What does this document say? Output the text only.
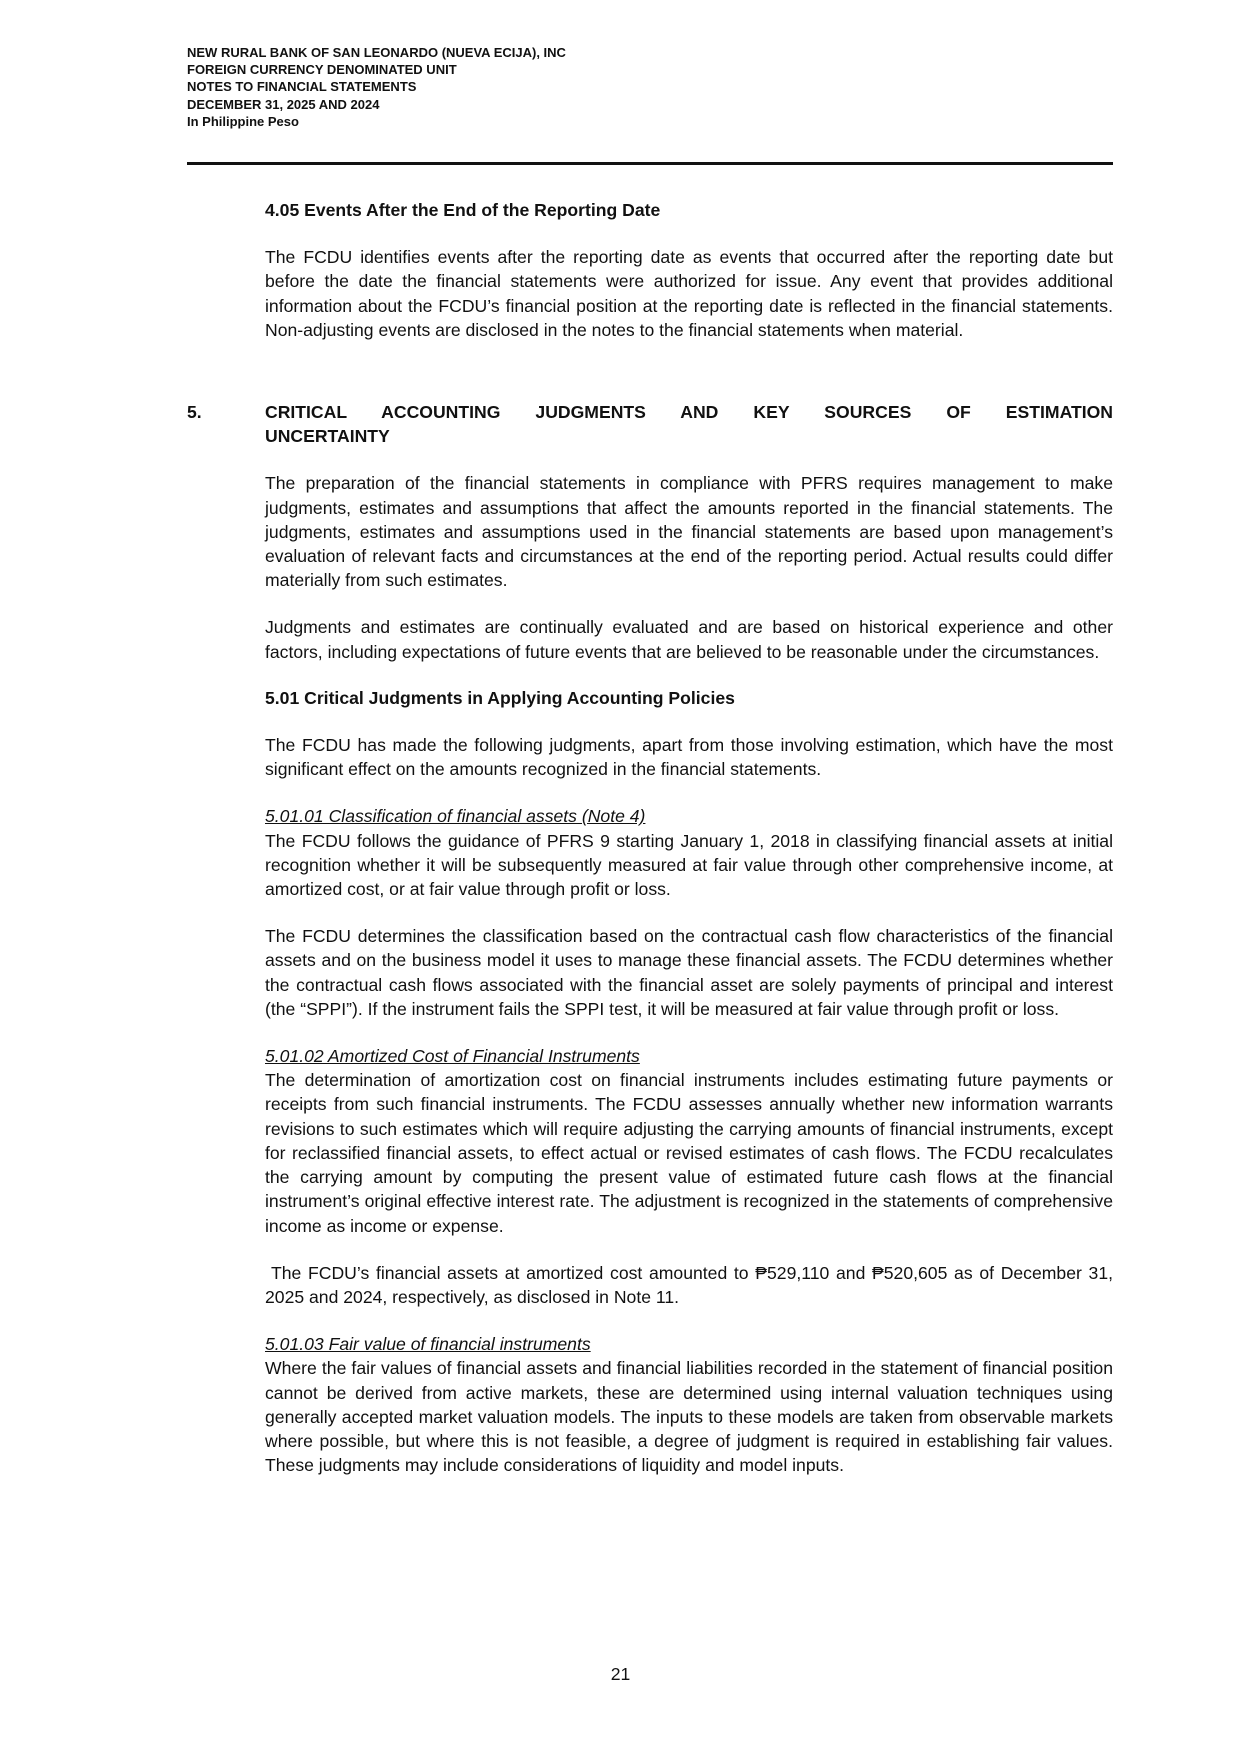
NEW RURAL BANK OF SAN LEONARDO (NUEVA ECIJA), INC
FOREIGN CURRENCY DENOMINATED UNIT
NOTES TO FINANCIAL STATEMENTS
DECEMBER 31, 2025 AND 2024
In Philippine Peso

4.05 Events After the End of the Reporting Date

The FCDU identifies events after the reporting date as events that occurred after the reporting date but before the date the financial statements were authorized for issue. Any event that provides additional information about the FCDU’s financial position at the reporting date is reflected in the financial statements. Non-adjusting events are disclosed in the notes to the financial statements when material.

5.	CRITICAL ACCOUNTING JUDGMENTS AND KEY SOURCES OF ESTIMATION
UNCERTAINTY

The preparation of the financial statements in compliance with PFRS requires management to make judgments, estimates and assumptions that affect the amounts reported in the financial statements. The judgments, estimates and assumptions used in the financial statements are based upon management’s evaluation of relevant facts and circumstances at the end of the reporting period. Actual results could differ materially from such estimates.

Judgments and estimates are continually evaluated and are based on historical experience and other factors, including expectations of future events that are believed to be reasonable under the circumstances.

5.01 Critical Judgments in Applying Accounting Policies

The FCDU has made the following judgments, apart from those involving estimation, which have the most significant effect on the amounts recognized in the financial statements.

5.01.01 Classification of financial assets (Note 4)

The FCDU follows the guidance of PFRS 9 starting January 1, 2018 in classifying financial assets at initial recognition whether it will be subsequently measured at fair value through other comprehensive income, at amortized cost, or at fair value through profit or loss.

The FCDU determines the classification based on the contractual cash flow characteristics of the financial assets and on the business model it uses to manage these financial assets. The FCDU determines whether the contractual cash flows associated with the financial asset are solely payments of principal and interest (the “SPPI”). If the instrument fails the SPPI test, it will be measured at fair value through profit or loss.

5.01.02 Amortized Cost of Financial Instruments

The determination of amortization cost on financial instruments includes estimating future payments or receipts from such financial instruments. The FCDU assesses annually whether new information warrants revisions to such estimates which will require adjusting the carrying amounts of financial instruments, except for reclassified financial assets, to effect actual or revised estimates of cash flows. The FCDU recalculates the carrying amount by computing the present value of estimated future cash flows at the financial instrument’s original effective interest rate. The adjustment is recognized in the statements of comprehensive income as income or expense.

The FCDU’s financial assets at amortized cost amounted to ₱529,110 and ₱520,605 as of December 31, 2025 and 2024, respectively, as disclosed in Note 11.

5.01.03 Fair value of financial instruments

Where the fair values of financial assets and financial liabilities recorded in the statement of financial position cannot be derived from active markets, these are determined using internal valuation techniques using generally accepted market valuation models. The inputs to these models are taken from observable markets where possible, but where this is not feasible, a degree of judgment is required in establishing fair values. These judgments may include considerations of liquidity and model inputs.

21
